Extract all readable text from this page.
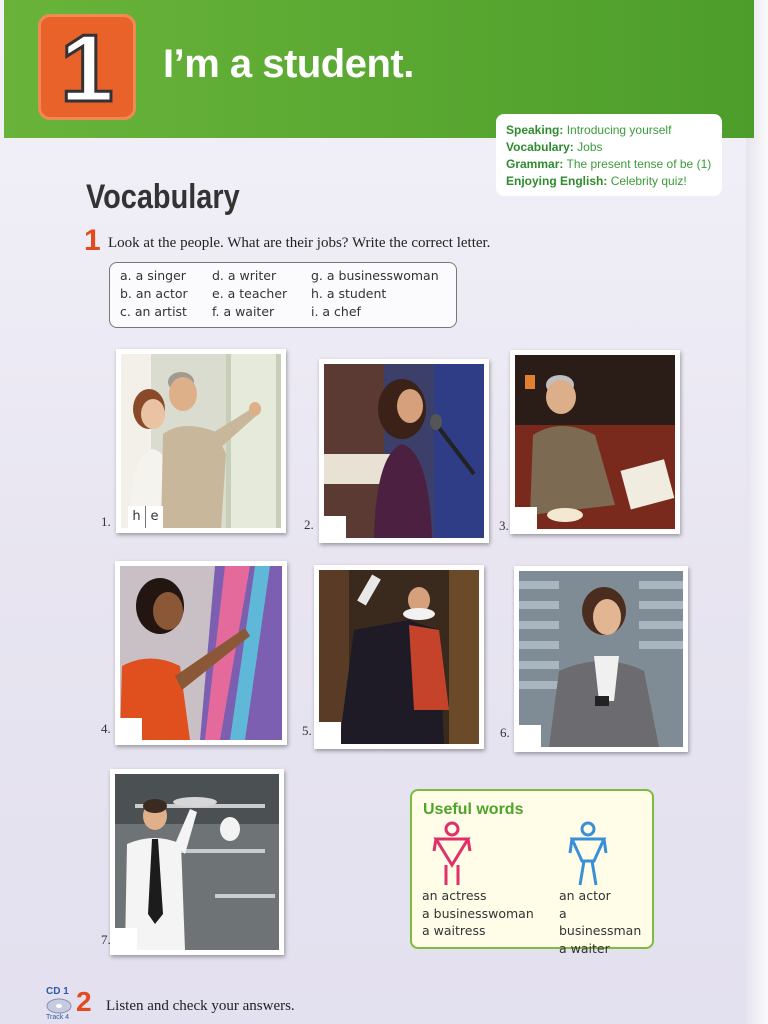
1	I’m a student.
Speaking: Introducing yourself
Vocabulary: Jobs
Grammar: The present tense of be (1)
Enjoying English: Celebrity quiz!
Vocabulary
1 Look at the people. What are their jobs? Write the correct letter.
a. a singer
b. an actor
c. an artist
d. a writer
e. a teacher
f. a waiter
g. a businesswoman
h. a student
i. a chef
h e
1.	2.	3.
4.	5.	6.
7.
Useful words
an actress
a businesswoman
a waitress
an actor
a businessman
a waiter
CD 1
Track 4
2 Listen and check your answers.
